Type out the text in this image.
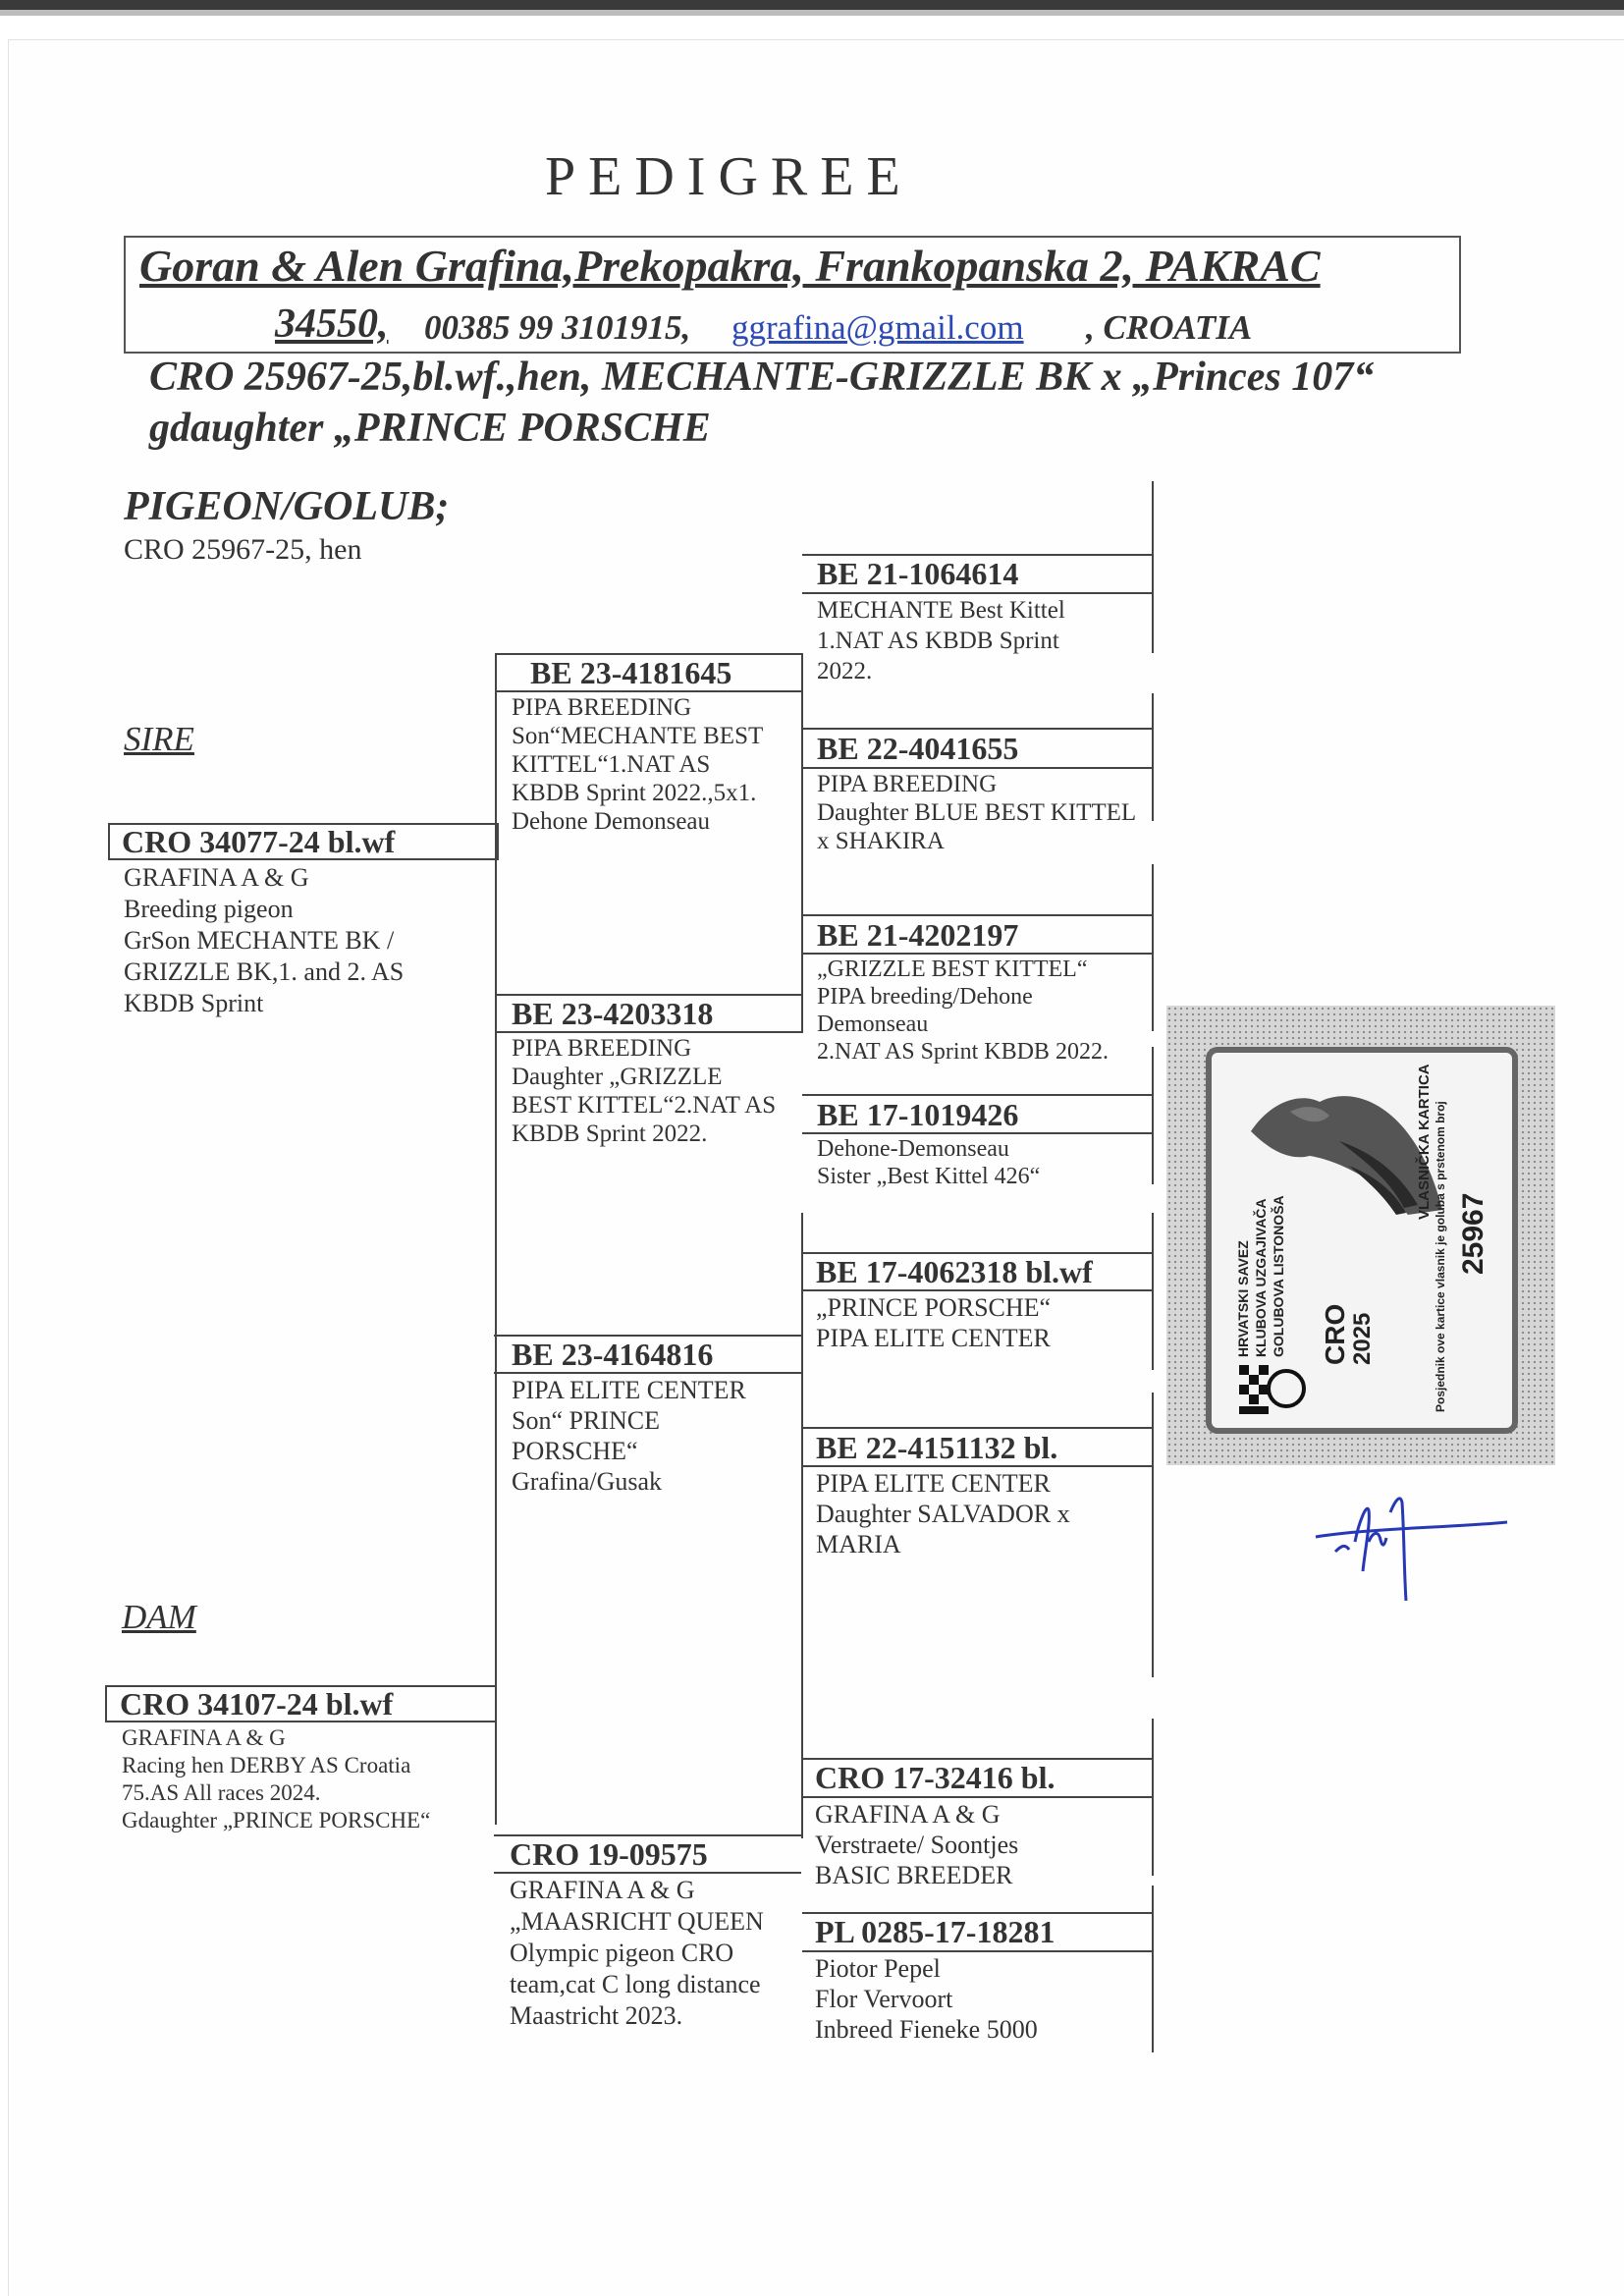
PEDIGREE
Goran & Alen Grafina,Prekopakra, Frankopanska 2, PAKRAC
34550, 00385 99 3101915, ggrafina@gmail.com , CROATIA
CRO 25967-25,bl.wf.,hen, MECHANTE-GRIZZLE BK x „Princes 107“ gdaughter „PRINCE PORSCHE
PIGEON/GOLUB;
CRO 25967-25, hen
SIRE
DAM
CRO 34077-24 bl.wf
GRAFINA A & G
Breeding pigeon
GrSon MECHANTE BK /
GRIZZLE BK,1. and 2. AS
KBDB Sprint
CRO 34107-24 bl.wf
GRAFINA A & G
Racing hen DERBY AS Croatia
75.AS All races 2024.
Gdaughter „PRINCE PORSCHE“
BE 23-4181645
PIPA BREEDING
Son“MECHANTE BEST
KITTEL“1.NAT AS
KBDB Sprint 2022.,5x1.
Dehone Demonseau
BE 23-4203318
PIPA BREEDING
Daughter „GRIZZLE
BEST KITTEL“2.NAT AS
KBDB Sprint 2022.
BE 23-4164816
PIPA ELITE CENTER
Son“ PRINCE
PORSCHE“
Grafina/Gusak
CRO 19-09575
GRAFINA A & G
„MAASRICHT QUEEN
Olympic pigeon CRO
team,cat C long distance
Maastricht 2023.
BE 21-1064614
MECHANTE Best Kittel
1.NAT AS KBDB Sprint
2022.
BE 22-4041655
PIPA BREEDING
Daughter BLUE BEST KITTEL
x SHAKIRA
BE 21-4202197
„GRIZZLE BEST KITTEL“
PIPA breeding/Dehone
Demonseau
2.NAT AS Sprint KBDB 2022.
BE 17-1019426
Dehone-Demonseau
Sister „Best Kittel 426“
BE 17-4062318 bl.wf
„PRINCE PORSCHE“
PIPA ELITE CENTER
BE 22-4151132 bl.
PIPA ELITE CENTER
Daughter SALVADOR x
MARIA
CRO 17-32416 bl.
GRAFINA A & G
Verstraete/ Soontjes
BASIC BREEDER
PL 0285-17-18281
Piotor Pepel
Flor Vervoort
Inbreed Fieneke 5000
HRVATSKI SAVEZ KLUBOVA UZGAJIVAČA GOLUBOVA LISTONOŠA CRO 2025
VLASNIČKA KARTICA Posjednik ove kartice vlasnik je goluba s prstenom broj 25967
